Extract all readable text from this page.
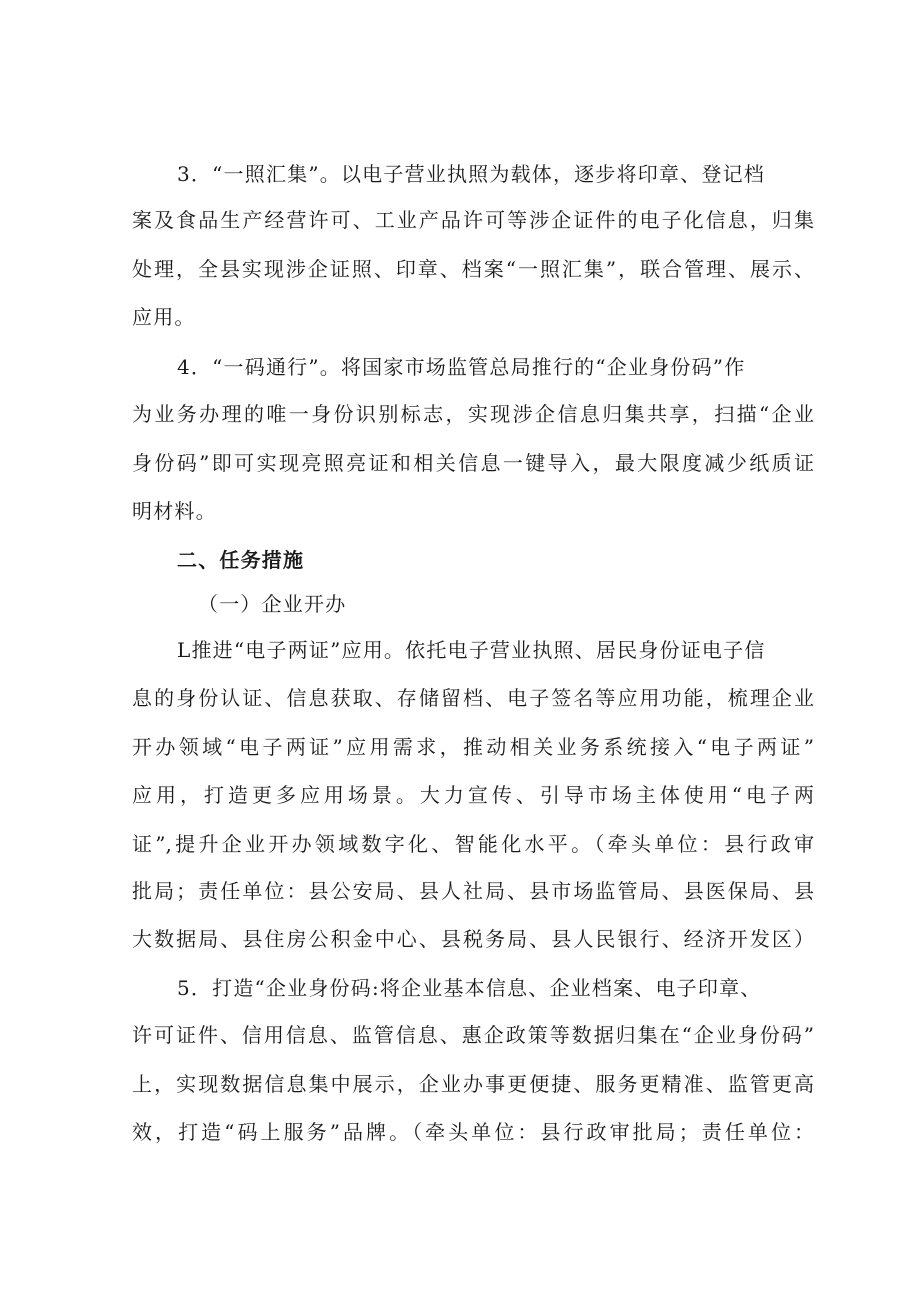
3．“一照汇集”。以电子营业执照为载体，逐步将印章、登记档
案及食品生产经营许可、工业产品许可等涉企证件的电子化信息，归集
处理，全县实现涉企证照、印章、档案“一照汇集”，联合管理、展示、
应用。
4．“一码通行”。将国家市场监管总局推行的“企业身份码”作
为业务办理的唯一身份识别标志，实现涉企信息归集共享，扫描“企业
身份码”即可实现亮照亮证和相关信息一键导入，最大限度减少纸质证
明材料。
二、任务措施
（一）企业开办
L推进“电子两证”应用。依托电子营业执照、居民身份证电子信
息的身份认证、信息获取、存储留档、电子签名等应用功能，梳理企业
开办领域“电子两证”应用需求，推动相关业务系统接入“电子两证”
应用，打造更多应用场景。大力宣传、引导市场主体使用“电子两
证”,提升企业开办领域数字化、智能化水平。（牵头单位：县行政审
批局；责任单位：县公安局、县人社局、县市场监管局、县医保局、县
大数据局、县住房公积金中心、县税务局、县人民银行、经济开发区）
5．打造“企业身份码:将企业基本信息、企业档案、电子印章、
许可证件、信用信息、监管信息、惠企政策等数据归集在“企业身份码”
上，实现数据信息集中展示，企业办事更便捷、服务更精准、监管更高
效，打造“码上服务”品牌。（牵头单位：县行政审批局；责任单位：
